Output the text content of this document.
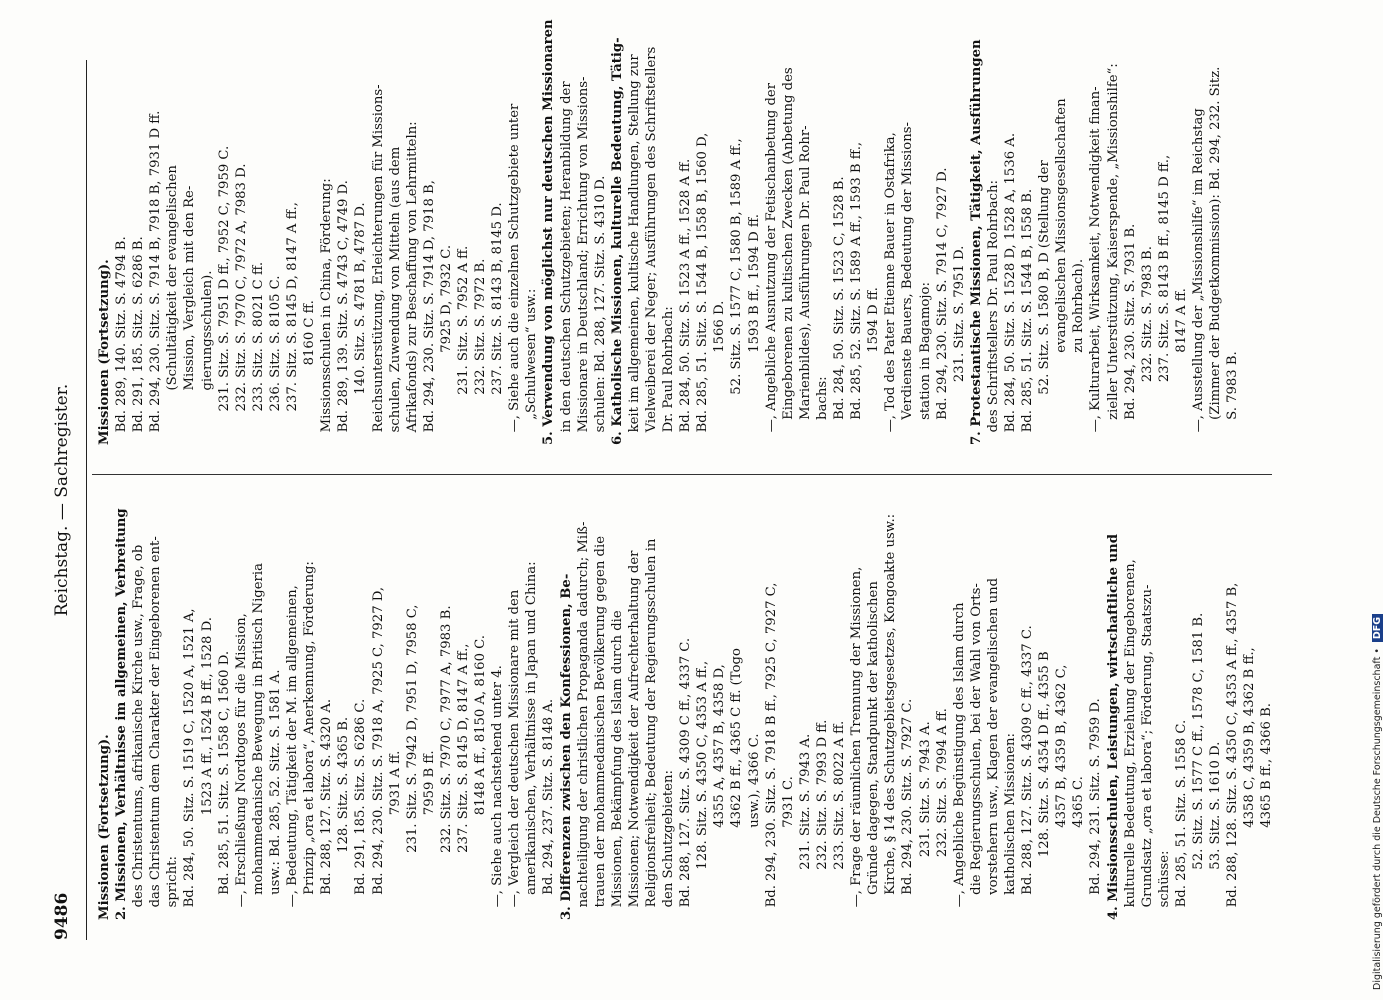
9486
Reichstag. — Sachregister.
Missionen (Fortsetzung). 2. Missionen, Verhältnisse im allgemeinen, Verbreitung des Christentums, afrikanische Kirche usw., Frage, ob das Christentum dem Charakter der Eingeborenen ent- spricht: Bd. 284, 50. Sitz. S. 1519 C, 1520 A, 1521 A, 1523 A ff., 1524 B ff., 1528 D. Bd. 285, 51. Sitz. S. 1558 C, 1560 D. —, Erschließung Nordtogos für die Mission, mohammedanische Bewegung in Britisch Nigeria usw.: Bd. 285, 52. Sitz. S. 1581 A. —, Bedeutung, Tätigkeit der M. im allgemeinen, Prinzip „ora et labora“, Anerkennung, Förderung: Bd. 288, 127. Sitz. S. 4320 A. 128. Sitz. S. 4365 B. Bd. 291, 185. Sitz. S. 6286 C. Bd. 294, 230. Sitz. S. 7918 A, 7925 C, 7927 D, 7931 A ff. 231. Sitz. S. 7942 D, 7951 D, 7958 C, 7959 B ff. 232. Sitz. S. 7970 C, 7977 A, 7983 B. 237. Sitz. S. 8145 D, 8147 A ff., 8148 A ff., 8150 A, 8160 C. —, Siehe auch nachstehend unter 4. —, Vergleich der deutschen Missionare mit den amerikanischen, Verhältnisse in Japan und China: Bd. 294, 237. Sitz. S. 8148 A. 3. Differenzen zwischen den Konfessionen, Be- nachteiligung der christlichen Propaganda dadurch; Miß- trauen der mohammedanischen Bevölkerung gegen die Missionen, Bekämpfung des Islam durch die Missionen; Notwendigkeit der Aufrechterhaltung der Religionsfreiheit; Bedeutung der Regierungsschulen in den Schutzgebieten: Bd. 288, 127. Sitz. S. 4309 C ff., 4337 C. 128. Sitz. S. 4350 C, 4353 A ff., 4355 A, 4357 B, 4358 D, 4362 B ff., 4365 C ff. (Togo usw.), 4366 C. Bd. 294, 230. Sitz. S. 7918 B ff., 7925 C, 7927 C, 7931 C. 231. Sitz. S. 7943 A. 232. Sitz. S. 7993 D ff. 233. Sitz. S. 8022 A ff. —, Frage der räumlichen Trennung der Missionen, Gründe dagegen, Standpunkt der katholischen Kirche, § 14 des Schutzgebietsgesetzes, Kongoakte usw.: Bd. 294, 230. Sitz. S. 7927 C. 231. Sitz. S. 7943 A. 232. Sitz. S. 7994 A ff. —, Angebliche Begünstigung des Islam durch die Regierungsschulen, bei der Wahl von Orts- vorstehern usw., Klagen der evangelischen und katholischen Missionen: Bd. 288, 127. Sitz. S. 4309 C ff., 4337 C. 128. Sitz. S. 4354 D ff., 4355 B 4357 B, 4359 B, 4362 C, 4365 C. Bd. 294, 231. Sitz. S. 7959 D. 4. Missionsschulen, Leistungen, wirtschaftliche und kulturelle Bedeutung, Erziehung der Eingeborenen, Grundsatz „ora et labora“; Förderung, Staatszu- schüsse: Bd. 285, 51. Sitz. S. 1558 C. 52. Sitz. S. 1577 C ff., 1578 C, 1581 B. 53. Sitz. S. 1610 D. Bd. 288, 128. Sitz. S. 4350 C, 4353 A ff., 4357 B, 4358 C, 4359 B, 4362 B ff., 4365 B ff., 4366 B.
Missionen (Fortsetzung). Bd. 289, 140. Sitz. S. 4794 B. Bd. 291, 185. Sitz. S. 6286 B. Bd. 294, 230. Sitz. S. 7914 B, 7918 B, 7931 D ff. (Schultätigkeit der evangelischen Mission, Vergleich mit den Re- gierungsschulen). 231. Sitz. S. 7951 D ff., 7952 C, 7959 C. 232. Sitz. S. 7970 C, 7972 A, 7983 D. 233. Sitz. S. 8021 C ff. 236. Sitz. S. 8105 C. 237. Sitz. S. 8145 D, 8147 A ff., 8160 C ff. Missionsschulen in China, Förderung: Bd. 289, 139. Sitz. S. 4743 C, 4749 D. 140. Sitz. S. 4781 B, 4787 D. Reichsunterstützung, Erleichterungen für Missions- schulen, Zuwendung von Mitteln (aus dem Afrikafonds) zur Beschaffung von Lehrmitteln: Bd. 294, 230. Sitz. S. 7914 D, 7918 B, 7925 D, 7932 C. 231. Sitz. S. 7952 A ff. 232. Sitz. S. 7972 B. 237. Sitz. S. 8143 B, 8145 D. —, Siehe auch die einzelnen Schutzgebiete unter „Schulwesen“ usw.: 5. Verwendung von möglichst nur deutschen Missionaren in den deutschen Schutzgebieten; Heranbildung der Missionare in Deutschland; Errichtung von Missions- schulen: Bd. 288, 127. Sitz. S. 4310 D. 6. Katholische Missionen, kulturelle Bedeutung, Tätig- keit im allgemeinen, kultische Handlungen, Stellung zur Vielweiberei der Neger; Ausführungen des Schriftstellers Dr. Paul Rohrbach: Bd. 284, 50. Sitz. S. 1523 A ff., 1528 A ff. Bd. 285, 51. Sitz. S. 1544 B, 1558 B, 1560 D, 1566 D. 52. Sitz. S. 1577 C, 1580 B, 1589 A ff., 1593 B ff., 1594 D ff. —, Angebliche Ausnutzung der Fetischanbetung der Eingeborenen zu kultischen Zwecken (Anbetung des Marienbildes), Ausführungen Dr. Paul Rohr- bachs: Bd. 284, 50. Sitz. S. 1523 C, 1528 B. Bd. 285, 52. Sitz. S. 1589 A ff., 1593 B ff., 1594 D ff. —, Tod des Pater Etienne Bauer in Ostafrika, Verdienste Bauers, Bedeutung der Missions- station in Bagamojo: Bd. 294, 230. Sitz. S. 7914 C, 7927 D. 231. Sitz. S. 7951 D. 7. Protestantische Missionen, Tätigkeit, Ausführungen des Schriftstellers Dr. Paul Rohrbach: Bd. 284, 50. Sitz. S. 1528 D, 1528 A, 1536 A. Bd. 285, 51. Sitz. S. 1544 B, 1558 B. 52. Sitz. S. 1580 B, D (Stellung der evangelischen Missionsgesellschaften zu Rohrbach). —, Kulturarbeit, Wirksamkeit, Notwendigkeit finan- zieller Unterstützung, Kaiserspende, „Missionshilfe“: Bd. 294, 230. Sitz. S. 7931 B. 232. Sitz. S. 7983 B. 237. Sitz. S. 8143 B ff., 8145 D ff., 8147 A ff. —, Ausstellung der „Missionshilfe“ im Reichstag (Zimmer der Budgetkommission): Bd. 294, 232. Sitz. S. 7983 B.
Digitalisierung gefördert durch die Deutsche Forschungsgemeinschaft •DFG
